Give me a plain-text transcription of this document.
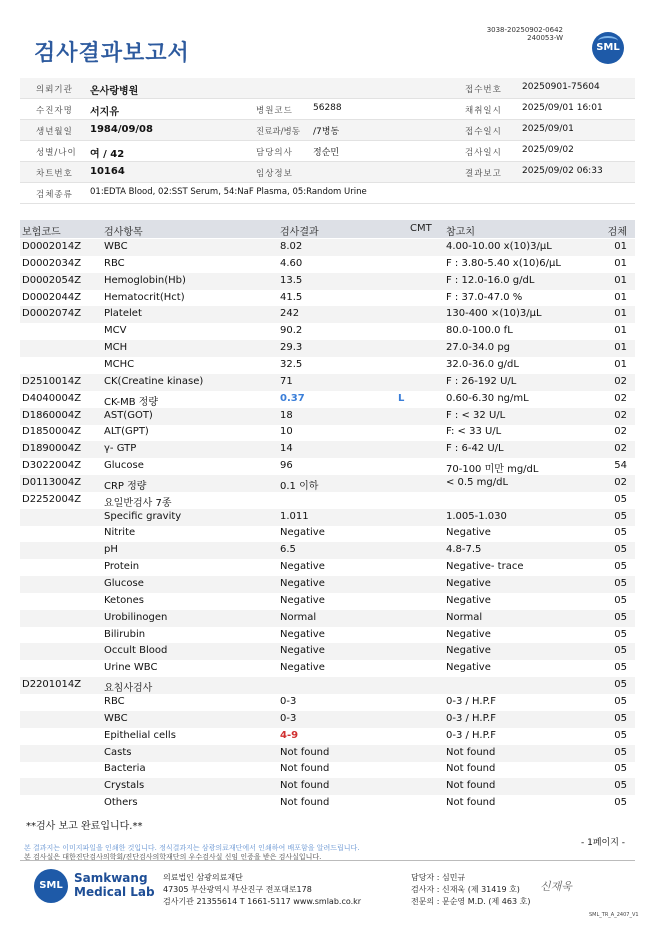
검사결과보고서
3038-20250902-0642
240053-W
SML
의뢰기관 온사랑병원	접수번호 20250901-75604
수진자명 서지유	병원코드 56288	채취일시 2025/09/01 16:01
생년월일 1984/09/08	진료과/병동 /7병동	접수일시 2025/09/01
성별/나이 여 / 42	담당의사 정순민	검사일시 2025/09/02
차트번호 10164	임상정보	결과보고 2025/09/02 06:33
검체종류 01:EDTA Blood, 02:SST Serum, 54:NaF Plasma, 05:Random Urine
보험코드	검사항목	검사결과	CMT 참고치	검체
D0002014Z WBC	8.02	4.00-10.00 x(10)3/μL	01
D0002034Z RBC	4.60	F : 3.80-5.40 x(10)6/μL	01
D0002054Z Hemoglobin(Hb)	13.5	F : 12.0-16.0 g/dL	01
D0002044Z Hematocrit(Hct)	41.5	F : 37.0-47.0 %	01
D0002074Z Platelet	242	130-400 ×(10)3/μL	01
MCV	90.2	80.0-100.0 fL	01
MCH	29.3	27.0-34.0 pg	01
MCHC	32.5	32.0-36.0 g/dL	01
D2510014Z CK(Creatine kinase)	71	F : 26-192 U/L	02
D4040004Z CK-MB 정량	0.37	L	0.60-6.30 ng/mL	02
D1860004Z AST(GOT)	18	F : < 32 U/L	02
D1850004Z ALT(GPT)	10	F: < 33 U/L	02
D1890004Z γ- GTP	14	F : 6-42 U/L	02
D3022004Z Glucose	96	70-100 미만 mg/dL	54
D0113004Z CRP 정량	0.1 이하	< 0.5 mg/dL	02
D2252004Z 요일반검사 7종	05
Specific gravity	1.011	1.005-1.030	05
Nitrite	Negative	Negative	05
pH	6.5	4.8-7.5	05
Protein	Negative	Negative- trace	05
Glucose	Negative	Negative	05
Ketones	Negative	Negative	05
Urobilinogen	Normal	Normal	05
Bilirubin	Negative	Negative	05
Occult Blood	Negative	Negative	05
Urine WBC	Negative	Negative	05
D2201014Z 요침사검사	05
RBC	0-3	0-3 / H.P.F	05
WBC	0-3	0-3 / H.P.F	05
Epithelial cells	4-9	0-3 / H.P.F	05
Casts	Not found	Not found	05
Bacteria	Not found	Not found	05
Crystals	Not found	Not found	05
Others	Not found	Not found	05
**검사 보고 완료입니다.**
- 1페이지 -
본 결과지는 이미지파일을 인쇄한 것입니다. 정식결과지는 삼광의료재단에서 인쇄하여 배포함을 알려드립니다.
본 검사실은 대한진단검사의학회/진단검사의학재단의 우수검사실 신임 인증을 받은 검사실입니다.
SML
Samkwang
Medical Lab
의료법인 삼광의료재단
47305 부산광역시 부산진구 전포대로178
검사기관 21355614 T 1661-5117 www.smlab.co.kr
담당자 : 심민규
검사자 : 신재욱 (제 31419 호)
전문의 : 문순영 M.D. (제 463 호)
신재욱
SML_TR_A_2407_V1
